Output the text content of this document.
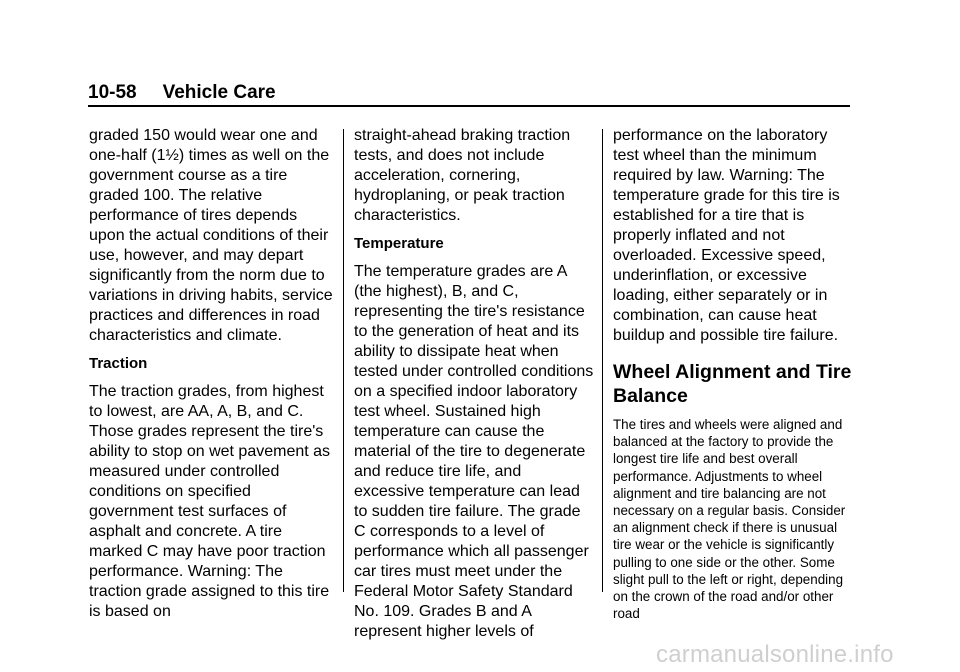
10-58 Vehicle Care

graded 150 would wear one and one-half (1½) times as well on the government course as a tire graded 100. The relative performance of tires depends upon the actual conditions of their use, however, and may depart significantly from the norm due to variations in driving habits, service practices and differences in road characteristics and climate.

Traction

The traction grades, from highest to lowest, are AA, A, B, and C. Those grades represent the tire's ability to stop on wet pavement as measured under controlled conditions on specified government test surfaces of asphalt and concrete. A tire marked C may have poor traction performance. Warning: The traction grade assigned to this tire is based on

straight-ahead braking traction tests, and does not include acceleration, cornering, hydroplaning, or peak traction characteristics.

Temperature

The temperature grades are A (the highest), B, and C, representing the tire's resistance to the generation of heat and its ability to dissipate heat when tested under controlled conditions on a specified indoor laboratory test wheel. Sustained high temperature can cause the material of the tire to degenerate and reduce tire life, and excessive temperature can lead to sudden tire failure. The grade C corresponds to a level of performance which all passenger car tires must meet under the Federal Motor Safety Standard No. 109. Grades B and A represent higher levels of

performance on the laboratory test wheel than the minimum required by law. Warning: The temperature grade for this tire is established for a tire that is properly inflated and not overloaded. Excessive speed, underinflation, or excessive loading, either separately or in combination, can cause heat buildup and possible tire failure.

Wheel Alignment and Tire Balance

The tires and wheels were aligned and balanced at the factory to provide the longest tire life and best overall performance. Adjustments to wheel alignment and tire balancing are not necessary on a regular basis. Consider an alignment check if there is unusual tire wear or the vehicle is significantly pulling to one side or the other. Some slight pull to the left or right, depending on the crown of the road and/or other road

carmanualsonline.info
